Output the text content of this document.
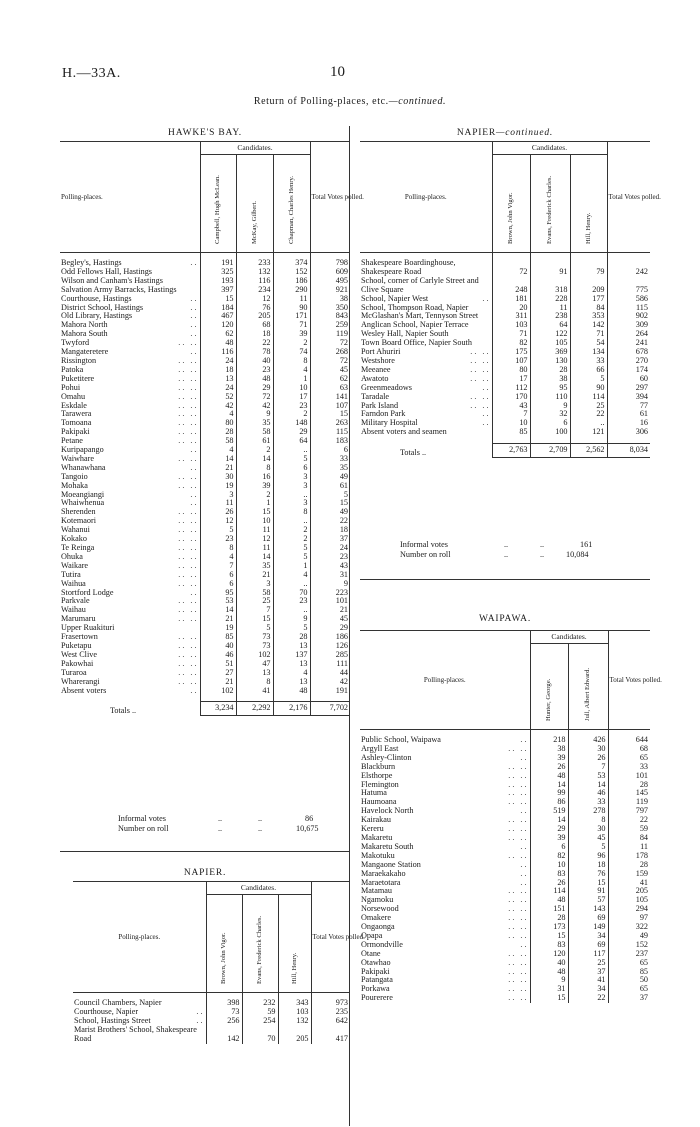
H.—33A.	10
Return of Polling-places, etc.—continued.
HAWKE'S BAY.
Polling-places.	Candidates.			Total Votes polled.
	Campbell, Hugh McLean.	McKay, Gilbert.	Chapman, Charles Henry.	

Begley's, Hastings ..	191	233	374	798
Odd Fellows Hall, Hastings	325	132	152	609
Wilson and Canham's Hastings	193	116	186	495
Salvation Army Barracks, Hastings	397	234	290	921
Courthouse, Hastings ..	15	12	11	38
District School, Hastings ..	184	76	90	350
Old Library, Hastings ..	467	205	171	843
Mahora North ..	120	68	71	259
Mahora South ..	62	18	39	119
Twyford .. ..	48	22	2	72
Mangateretere ..	116	78	74	268
Rissington .. ..	24	40	8	72
Patoka .. ..	18	23	4	45
Puketitere .. ..	13	48	1	62
Pohui .. ..	24	29	10	63
Omahu .. ..	52	72	17	141
Eskdale .. ..	42	42	23	107
Tarawera .. ..	4	9	2	15
Tomoana .. ..	80	35	148	263
Pakipaki .. ..	28	58	29	115
Petane .. ..	58	61	64	183
Kuripapango ..	4	2	..	6
Waiwhare .. ..	14	14	5	33
Whanawhana ..	21	8	6	35
Tangoio .. ..	30	16	3	49
Mohaka .. ..	19	39	3	61
Moeangiangi ..	3	2	..	5
Whaiwhenua ..	11	1	3	15
Sherenden .. ..	26	15	8	49
Kotemaori .. ..	12	10	..	22
Wahanui .. ..	5	11	2	18
Kokako .. ..	23	12	2	37
Te Reinga .. ..	8	11	5	24
Ohuka .. ..	4	14	5	23
Waikare .. ..	7	35	1	43
Tutira .. ..	6	21	4	31
Waihua .. ..	6	3	..	9
Stortford Lodge ..	95	58	70	223
Parkvale .. ..	53	25	23	101
Waihau .. ..	14	7	..	21
Marumaru .. ..	21	15	9	45
Upper Ruakituri	19	5	5	29
Frasertown .. ..	85	73	28	186
Puketapu .. ..	40	73	13	126
West Clive .. ..	46	102	137	285
Pakowhai .. ..	51	47	13	111
Turaroa .. ..	27	13	4	44
Wharerangi .. ..	21	8	13	42
Absent voters ..	102	41	48	191

Totals ..	3,234	2,292	2,176	7,702
Informal votes	..	..	86
Number on roll	..	..	10,675
NAPIER.
Polling-places.	Candidates.			Total Votes polled.
	Brown, John Vigor.	Evans, Frederick Charles.	Hill, Henry.	

Council Chambers, Napier	398	232	343	973
Courthouse, Napier ..	73	59	103	235
School, Hastings Street ..	256	254	132	642
Marist Brothers' School, Shakespeare Road	142	70	205	417
NAPIER—continued.
Polling-places.	Candidates.			Total Votes polled.
	Brown, John Vigor.	Evans, Frederick Charles.	Hill, Henry.	

Shakespeare Boardinghouse, Shakespeare Road	72	91	79	242
School, corner of Carlyle Street and Clive Square	248	318	209	775
School, Napier West ..	181	228	177	586
School, Thompson Road, Napier	20	11	84	115
McGlashan's Mart, Tennyson Street	311	238	353	902
Anglican School, Napier Terrace	103	64	142	309
Wesley Hall, Napier South	71	122	71	264
Town Board Office, Napier South	82	105	54	241
Port Ahuriri .. ..	175	369	134	678
Westshore .. ..	107	130	33	270
Meeanee .. ..	80	28	66	174
Awatoto .. ..	17	38	5	60
Greenmeadows ..	112	95	90	297
Taradale .. ..	170	110	114	394
Park Island .. ..	43	9	25	77
Farndon Park ..	7	32	22	61
Military Hospital ..	10	6	..	16
Absent voters and seamen	85	100	121	306

Totals ..	2,763	2,709	2,562	8,034
Informal votes	..	..	161
Number on roll	..	..	10,084
WAIPAWA.
Polling-places.	Candidates.		Total Votes polled.
	Hunter, George.	Jull, Albert Edward.	

Public School, Waipawa ..	218	426	644
Argyll East .. ..	38	30	68
Ashley-Clinton ..	39	26	65
Blackburn .. ..	26	7	33
Elsthorpe .. ..	48	53	101
Flemington .. ..	14	14	28
Hatuma .. ..	99	46	145
Haumoana .. ..	86	33	119
Havelock North ..	519	278	797
Kairakau .. ..	14	8	22
Kereru .. ..	29	30	59
Makaretu .. ..	39	45	84
Makaretu South ..	6	5	11
Makotuku .. ..	82	96	178
Mangaone Station ..	10	18	28
Maraekakaho ..	83	76	159
Maraetotara ..	26	15	41
Matamau .. ..	114	91	205
Ngamoku .. ..	48	57	105
Norsewood .. ..	151	143	294
Omakere .. ..	28	69	97
Ongaonga .. ..	173	149	322
Opapa .. ..	15	34	49
Ormondville ..	83	69	152
Otane .. ..	120	117	237
Otawhao .. ..	40	25	65
Pakipaki .. ..	48	37	85
Patangata .. ..	9	41	50
Porkawa .. ..	31	34	65
Pourerere .. ..	15	22	37
